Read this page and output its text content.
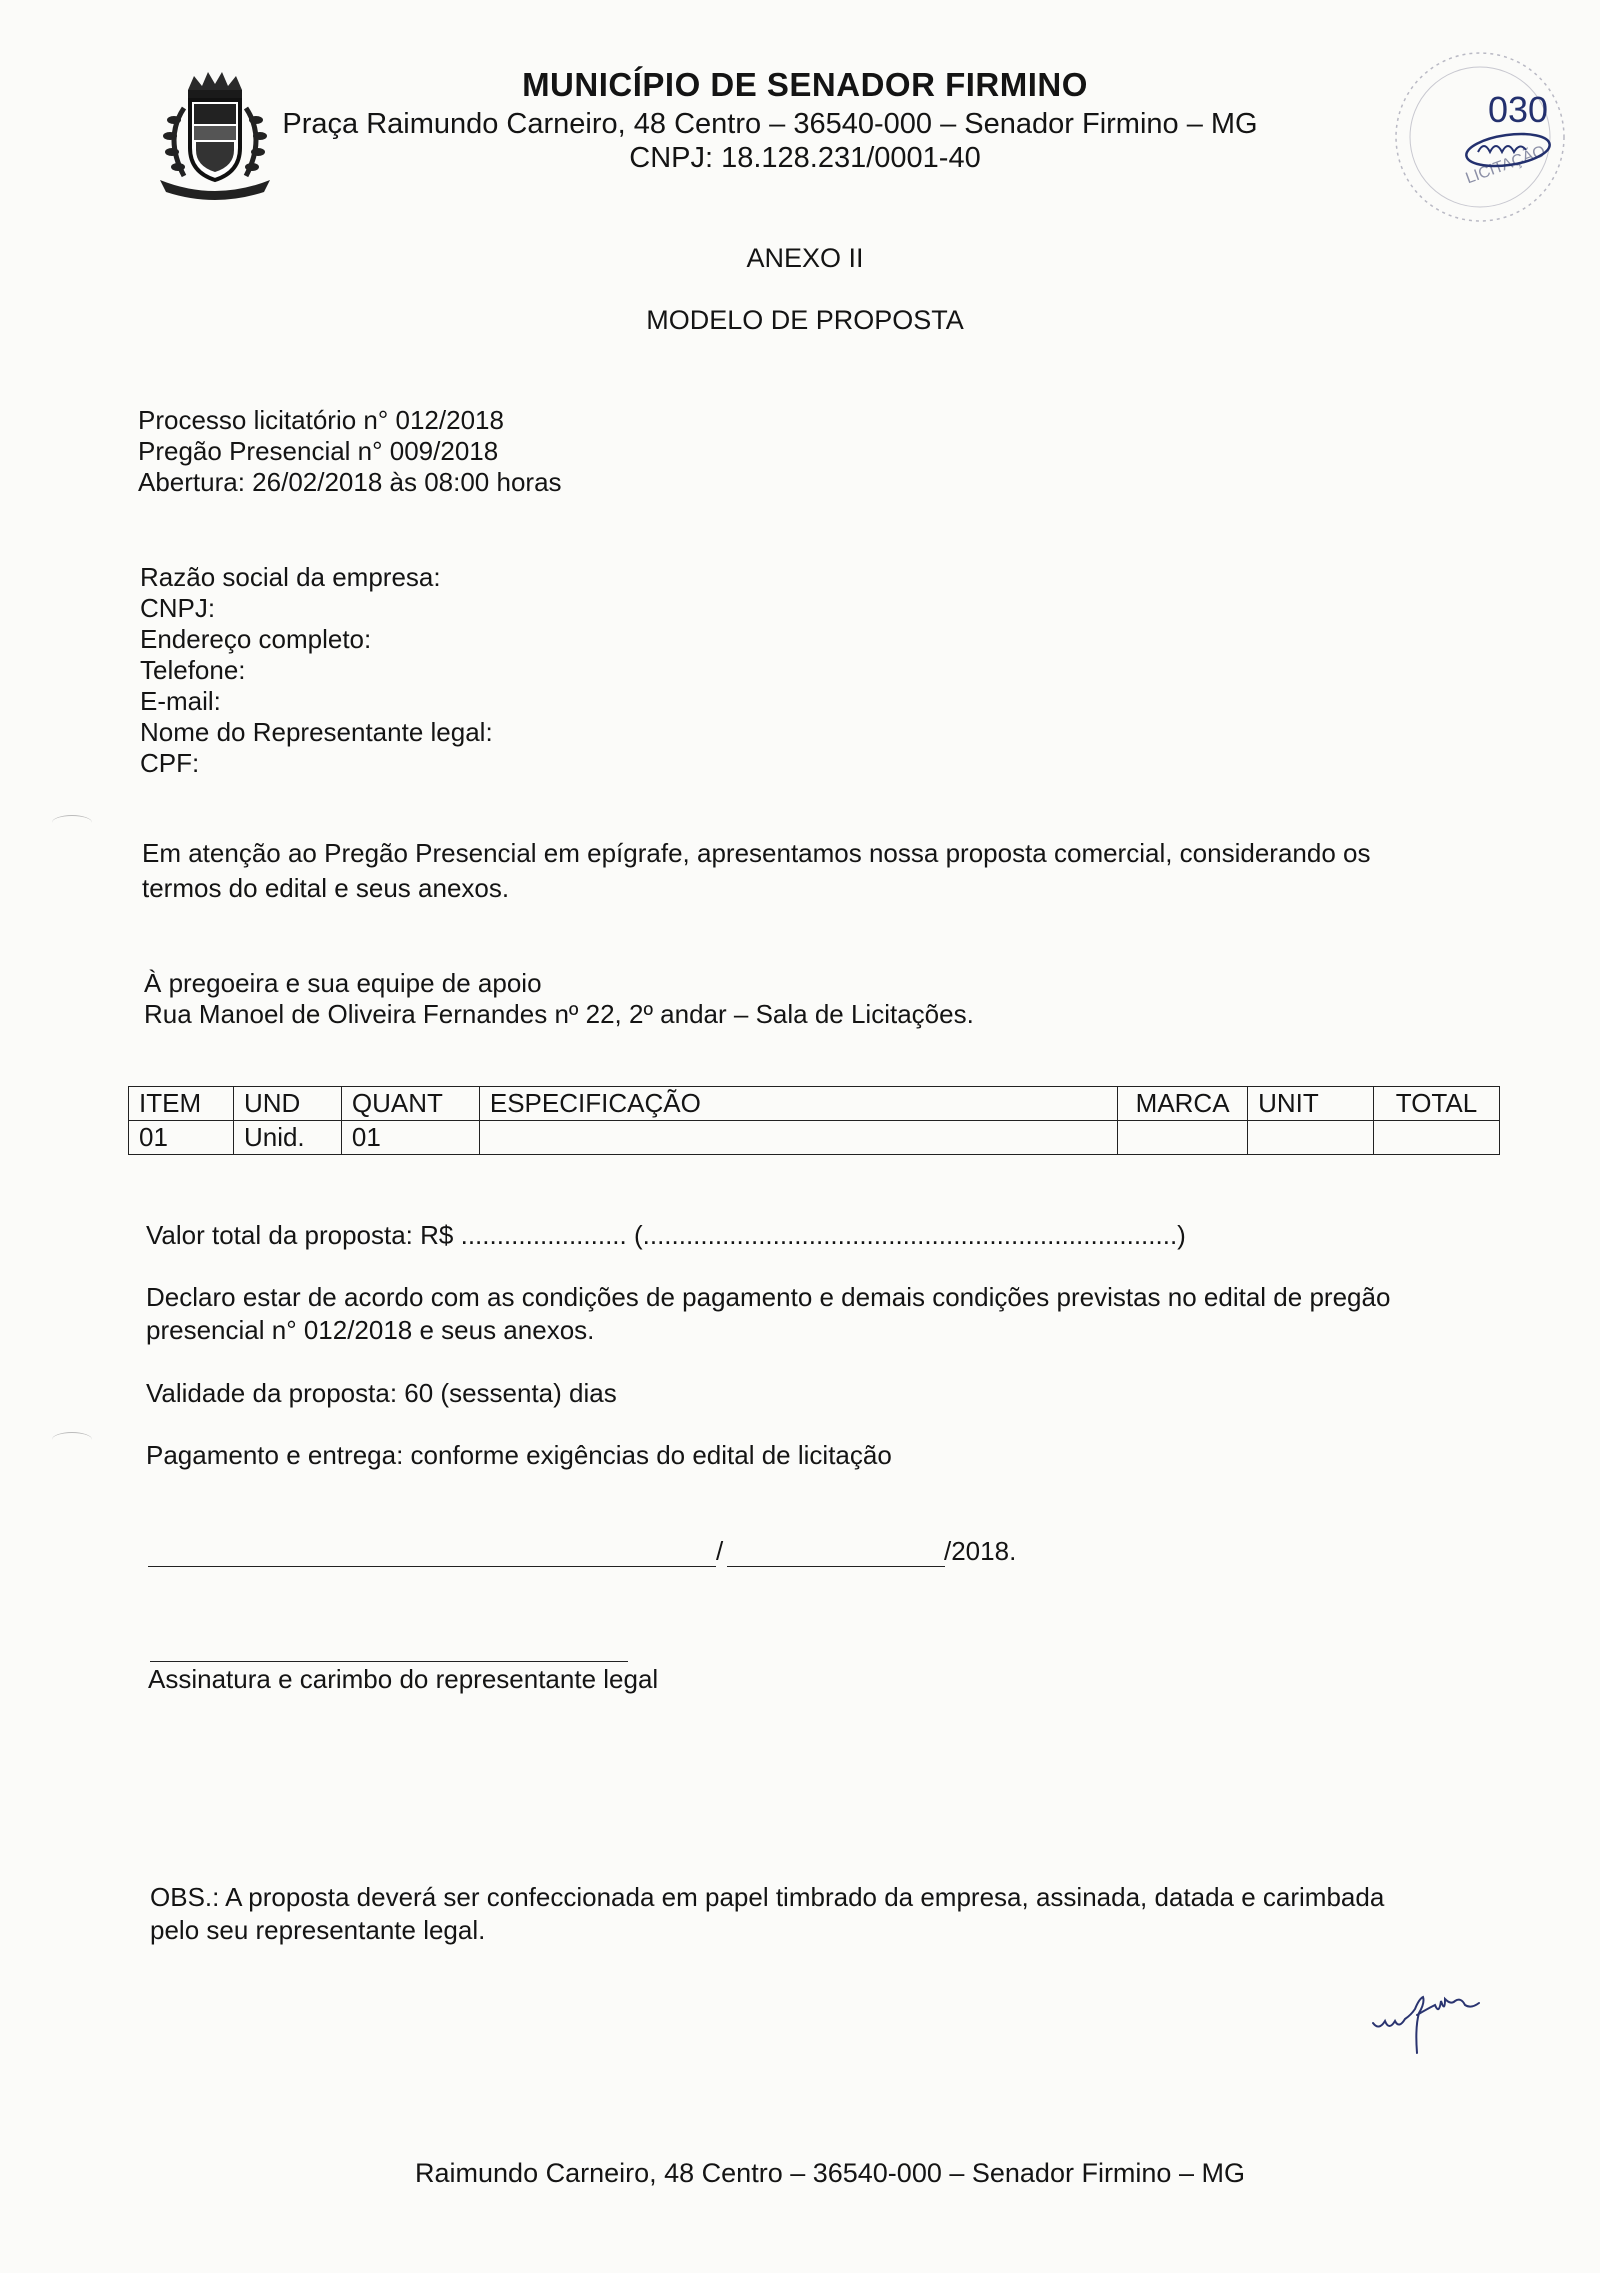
MUNICÍPIO DE SENADOR FIRMINO
Praça Raimundo Carneiro, 48 Centro – 36540-000 – Senador Firmino – MG
CNPJ: 18.128.231/0001-40	LICITAÇÃO
030
ANEXO II
MODELO DE PROPOSTA
Processo licitatório n° 012/2018
Pregão Presencial n° 009/2018
Abertura: 26/02/2018 às 08:00 horas
Razão social da empresa:
CNPJ:
Endereço completo:
Telefone:
E-mail:
Nome do Representante legal:
CPF:
Em atenção ao Pregão Presencial em epígrafe, apresentamos nossa proposta comercial, considerando os
termos do edital e seus anexos.
À pregoeira e sua equipe de apoio
Rua Manoel de Oliveira Fernandes nº 22, 2º andar – Sala de Licitações.
ITEM	UND	QUANT	ESPECIFICAÇÃO	MARCA	UNIT	TOTAL
01	Unid.	01				
Valor total da proposta: R$ ....................... (..........................................................................)
Declaro estar de acordo com as condições de pagamento e demais condições previstas no edital de pregão
presencial n° 012/2018 e seus anexos.
Validade da proposta: 60 (sessenta) dias
Pagamento e entrega: conforme exigências do edital de licitação
/	/2018.
Assinatura e carimbo do representante legal
OBS.: A proposta deverá ser confeccionada em papel timbrado da empresa, assinada, datada e carimbada
pelo seu representante legal.
Raimundo Carneiro, 48 Centro – 36540-000 – Senador Firmino – MG
